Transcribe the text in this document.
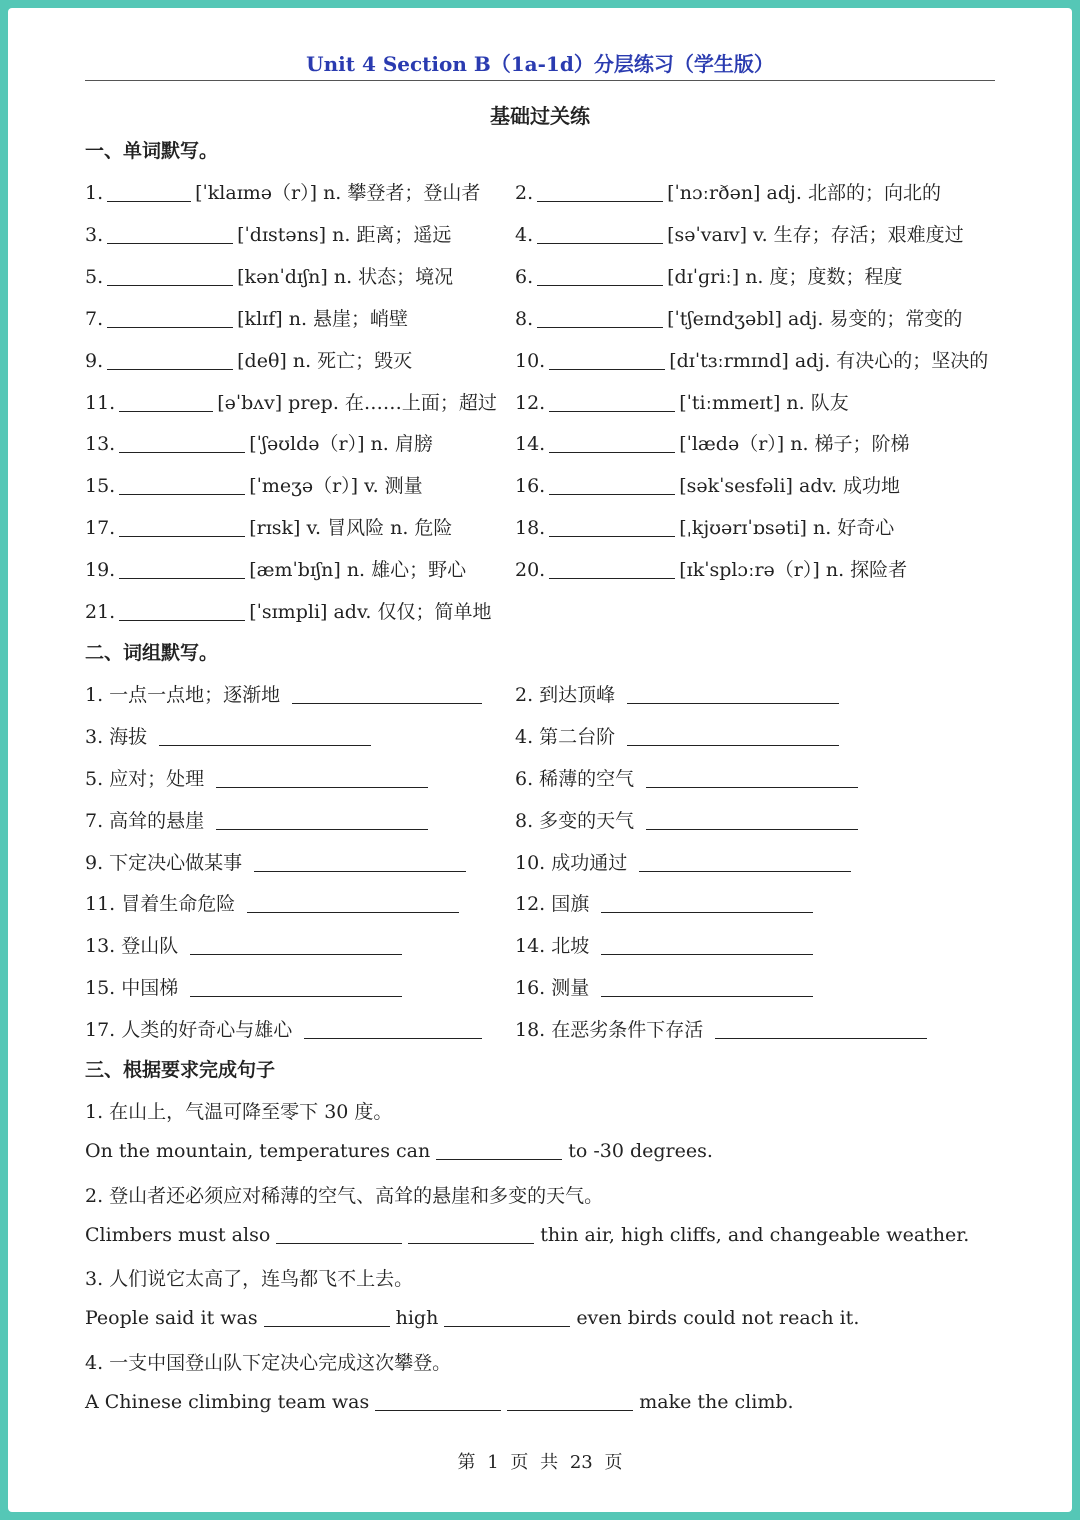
Unit 4 Section B（1a-1d）分层练习（学生版）
基础过关练
一、单词默写。
1.	[ˈklaɪmə（r）] n. 攀登者；登山者 2.	[ˈnɔːrðən] adj. 北部的；向北的
3.	[ˈdɪstəns] n. 距离；遥远	4.	[səˈvaɪv] v. 生存；存活；艰难度过
5.	[kənˈdɪʃn] n. 状态；境况	6.	[dɪˈɡriː] n. 度；度数；程度
7.	[klɪf] n. 悬崖；峭壁	8.	[ˈtʃeɪndʒəbl] adj. 易变的；常变的
9.	[deθ] n. 死亡；毁灭	10.	[dɪˈtɜːrmɪnd] adj. 有决心的；坚决的
11.	[əˈbʌv] prep. 在……上面；超过 12.	[ˈtiːmmeɪt] n. 队友
13.	[ˈʃəʊldə（r）] n. 肩膀	14.	[ˈlædə（r）] n. 梯子；阶梯
15.	[ˈmeʒə（r）] v. 测量	16.	[səkˈsesfəli] adv. 成功地
17.	[rɪsk] v. 冒风险 n. 危险	18.	[ˌkjʊərɪˈɒsəti] n. 好奇心
19.	[æmˈbɪʃn] n. 雄心；野心	20.	[ɪkˈsplɔːrə（r）] n. 探险者
21.	[ˈsɪmpli] adv. 仅仅；简单地
二、词组默写。
1. 一点一点地；逐渐地	2. 到达顶峰
3. 海拔	4. 第二台阶
5. 应对；处理	6. 稀薄的空气
7. 高耸的悬崖	8. 多变的天气
9. 下定决心做某事	10. 成功通过
11. 冒着生命危险	12. 国旗
13. 登山队	14. 北坡
15. 中国梯	16. 测量
17. 人类的好奇心与雄心	18. 在恶劣条件下存活
三、根据要求完成句子
1. 在山上，气温可降至零下 30 度。
On the mountain, temperatures can	to -30 degrees.
2. 登山者还必须应对稀薄的空气、高耸的悬崖和多变的天气。
Climbers must also	thin air, high cliffs, and changeable weather.
3. 人们说它太高了，连鸟都飞不上去。
People said it was	high	even birds could not reach it.
4. 一支中国登山队下定决心完成这次攀登。
A Chinese climbing team was	make the climb.
第 1 页 共 23 页
